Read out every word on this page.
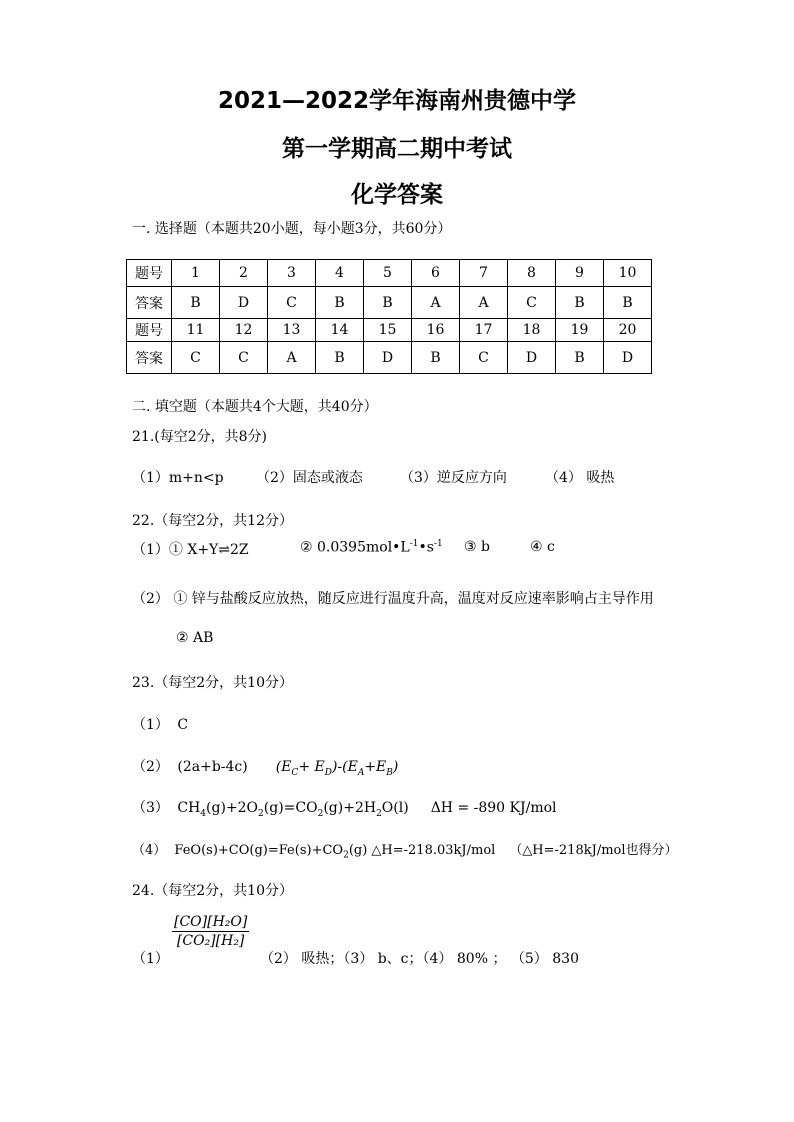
2021—2022学年海南州贵德中学
第一学期高二期中考试
化学答案
一. 选择题（本题共20小题，每小题3分，共60分）
题号	1	2	3	4	5	6	7	8	9	10
答案	B	D	C	B	B	A	A	C	B	B
题号	11	12	13	14	15	16	17	18	19	20
答案	C	C	A	B	D	B	C	D	B	D
二. 填空题（本题共4个大题，共40分）
21.(每空2分，共8分)
（1）m+n<p （2）固态或液态	（3）逆反应方向	（4） 吸热
22.（每空2分，共12分）
（1）① X+Y⇌2Z	② $0.0395mol•L^{-1}•s^{-1}$ ③ b	④ c
（2） ① 锌与盐酸反应放热，随反应进行温度升高，温度对反应速率影响占主导作用
② AB
23.（每空2分，共10分）
（1） C
（2） (2a+b-4c) $(E_C+ E_D)-(E_A+E_B)$
（3） $CH_4(g)+2O_2(g)=CO_2(g)+2H_2O(l) \Delta H = -890$ KJ/mol
（4） $FeO(s)+CO(g)=Fe(s)+CO_2(g)$ △H=-218.03kJ/mol （△H=-218kJ/mol也得分）
24.（每空2分，共10分）
$\frac{\text{[CO][H₂O]}}{\text{[CO₂][H₂]}}$
（1）	（2） 吸热；（3） b、c；（4） 80% ； （5） 830
